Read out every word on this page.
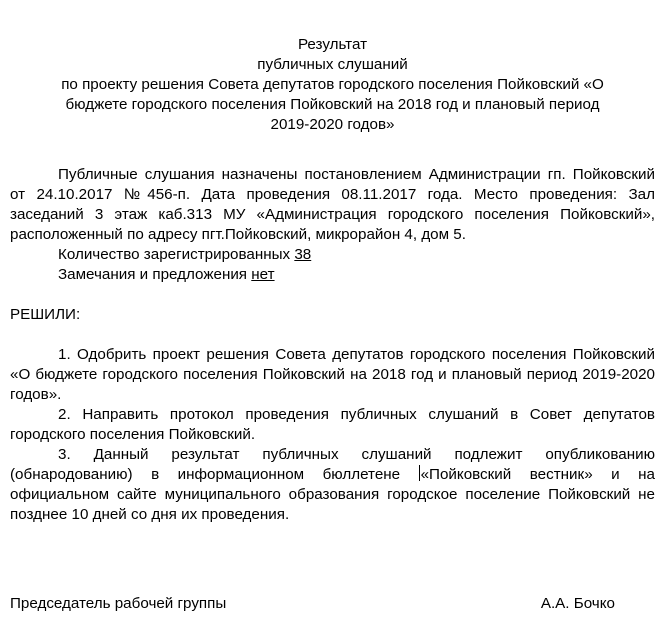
Результат
публичных слушаний
по проекту решения Совета депутатов городского поселения Пойковский «О
бюджете городского поселения Пойковский на 2018 год и плановый период
2019-2020 годов»

Публичные слушания назначены постановлением Администрации гп. Пойковский от 24.10.2017 №456-п. Дата проведения 08.11.2017 года. Место проведения: Зал заседаний 3 этаж каб.313 МУ «Администрация городского поселения Пойковский», расположенный по адресу пгт.Пойковский, микрорайон 4, дом 5.

Количество зарегистрированных 38
Замечания и предложения нет
РЕШИЛИ:

1. Одобрить проект решения Совета депутатов городского поселения Пойковский «О бюджете городского поселения Пойковский на 2018 год и плановый период 2019-2020 годов».

2. Направить протокол проведения публичных слушаний в Совет депутатов городского поселения Пойковский.

3. Данный результат публичных слушаний подлежит опубликованию (обнародованию) в информационном бюллетене «Пойковский вестник» и на официальном сайте муниципального образования городское поселение Пойковский не позднее 10 дней со дня их проведения.

Председатель рабочей группы	А.А. Бочко
